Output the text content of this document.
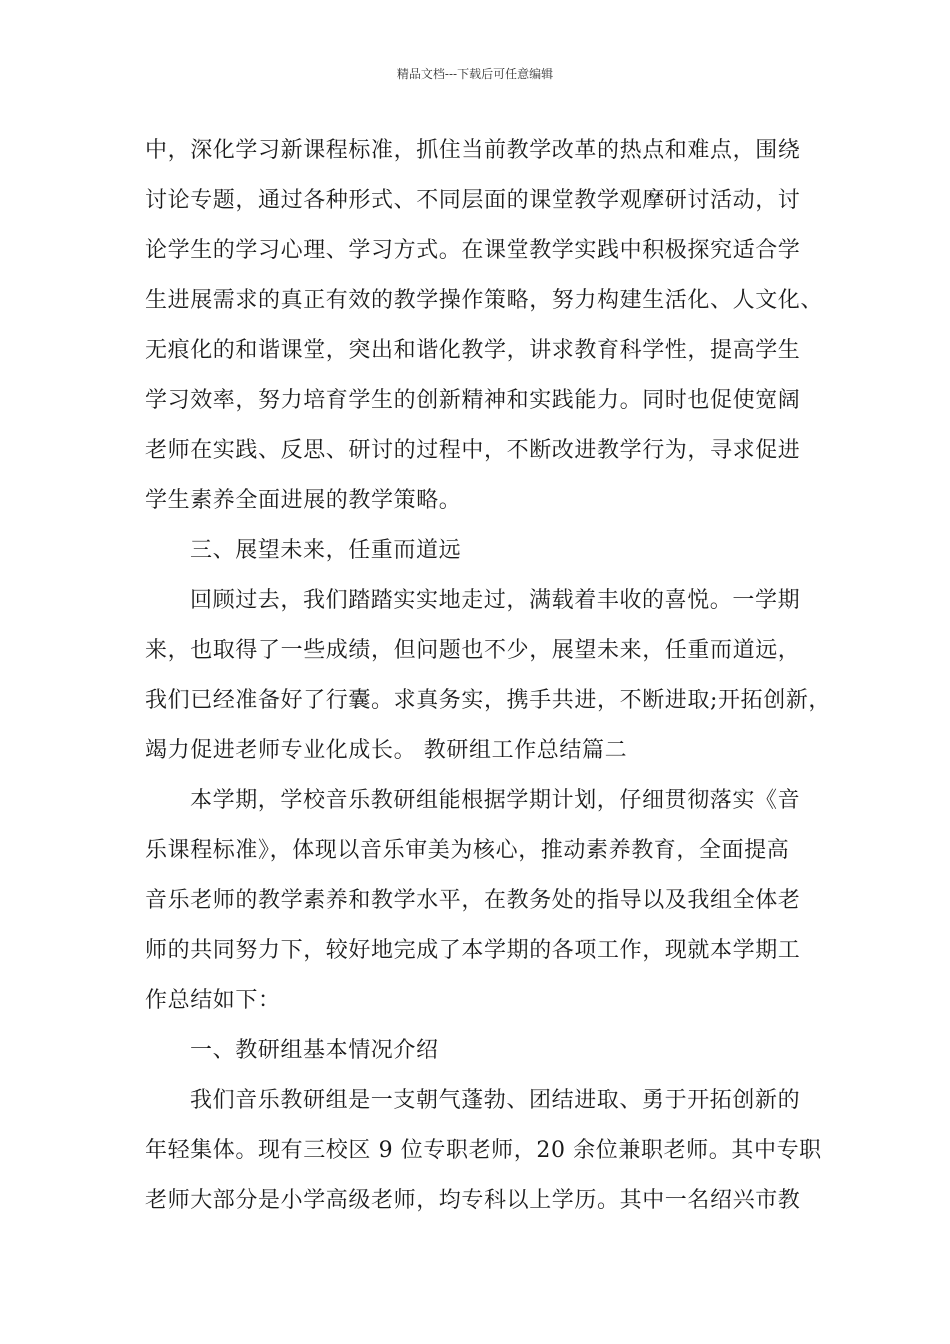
精品文档---下载后可任意编辑
中，深化学习新课程标准，抓住当前教学改革的热点和难点，围绕
讨论专题，通过各种形式、不同层面的课堂教学观摩研讨活动，讨
论学生的学习心理、学习方式。在课堂教学实践中积极探究适合学
生进展需求的真正有效的教学操作策略，努力构建生活化、人文化、
无痕化的和谐课堂，突出和谐化教学，讲求教育科学性，提高学生
学习效率，努力培育学生的创新精神和实践能力。同时也促使宽阔
老师在实践、反思、研讨的过程中，不断改进教学行为，寻求促进
学生素养全面进展的教学策略。
三、展望未来，任重而道远
回顾过去，我们踏踏实实地走过，满载着丰收的喜悦。一学期
来，也取得了一些成绩，但问题也不少，展望未来，任重而道远，
我们已经准备好了行囊。求真务实，携手共进，不断进取;开拓创新，
竭力促进老师专业化成长。 教研组工作总结篇二
本学期，学校音乐教研组能根据学期计划，仔细贯彻落实《音
乐课程标准》，体现以音乐审美为核心，推动素养教育，全面提高
音乐老师的教学素养和教学水平，在教务处的指导以及我组全体老
师的共同努力下，较好地完成了本学期的各项工作，现就本学期工
作总结如下：
一、教研组基本情况介绍
我们音乐教研组是一支朝气蓬勃、团结进取、勇于开拓创新的
年轻集体。现有三校区 9 位专职老师，20 余位兼职老师。其中专职
老师大部分是小学高级老师，均专科以上学历。其中一名绍兴市教
